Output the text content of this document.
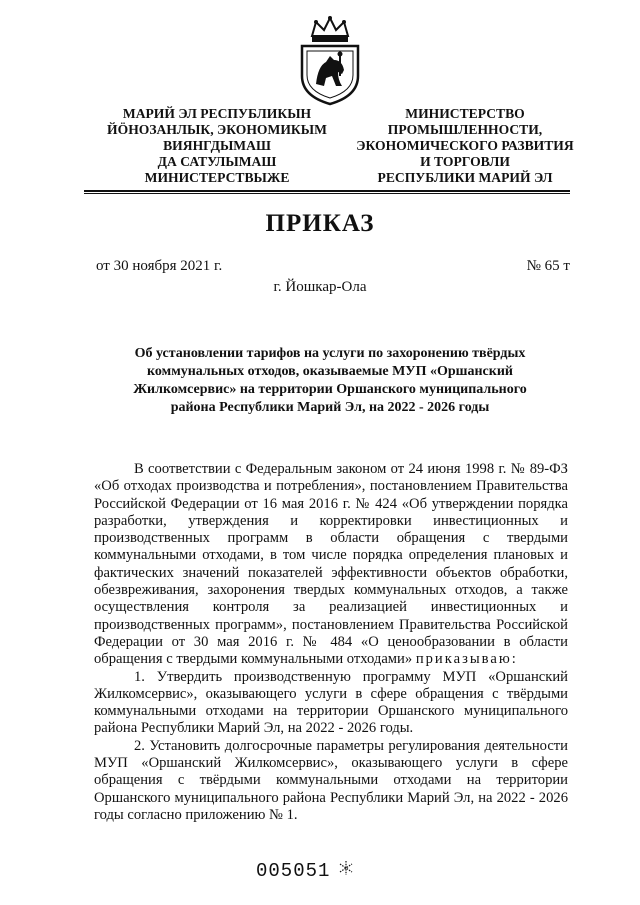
МАРИЙ ЭЛ РЕСПУБЛИКЫН
ЙӦНОЗАНЛЫК, ЭКОНОМИКЫМ
ВИЯНГДЫМАШ
ДА САТУЛЫМАШ
МИНИСТЕРСТВЫЖЕ
МИНИСТЕРСТВО
ПРОМЫШЛЕННОСТИ,
ЭКОНОМИЧЕСКОГО РАЗВИТИЯ
И ТОРГОВЛИ
РЕСПУБЛИКИ МАРИЙ ЭЛ
ПРИКАЗ
от 30 ноября 2021 г.	№ 65 т
г. Йошкар-Ола
Об установлении тарифов на услуги по захоронению твёрдых
коммунальных отходов, оказываемые МУП «Оршанский
Жилкомсервис» на территории Оршанского муниципального
района Республики Марий Эл, на 2022 - 2026 годы

В соответствии с Федеральным законом от 24 июня 1998 г. № 89-ФЗ «Об отходах производства и потребления», постановлением Правительства Российской Федерации от 16 мая 2016 г. № 424 «Об утверждении порядка разработки, утверждения и корректировки инвестиционных и производственных программ в области обращения с твердыми коммунальными отходами, в том числе порядка определения плановых и фактических значений показателей эффективности объектов обработки, обезвреживания, захоронения твердых коммунальных отходов, а также осуществления контроля за реализацией инвестиционных и производственных программ», постановлением Правительства Российской Федерации от 30 мая 2016 г. № 484 «О ценообразовании в области обращения с твердыми коммунальными отходами» приказываю:

1. Утвердить производственную программу МУП «Оршанский Жилкомсервис», оказывающего услуги в сфере обращения с твёрдыми коммунальными отходами на территории Оршанского муниципального района Республики Марий Эл, на 2022 - 2026 годы.

2. Установить долгосрочные параметры регулирования деятельности МУП «Оршанский Жилкомсервис», оказывающего услуги в сфере обращения с твёрдыми коммунальными отходами на территории Оршанского муниципального района Республики Марий Эл, на 2022 - 2026 годы согласно приложению № 1.

005051
